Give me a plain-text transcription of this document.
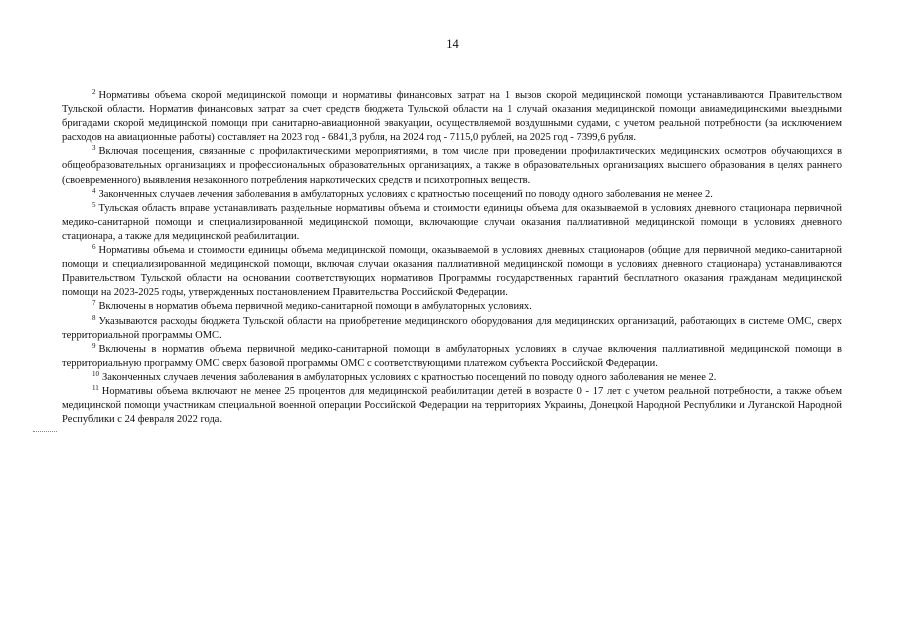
14

$^2$ Нормативы объема скорой медицинской помощи и нормативы финансовых затрат на 1 вызов скорой медицинской помощи устанавливаются Правительством Тульской области. Норматив финансовых затрат за счет средств бюджета Тульской области на 1 случай оказания медицинской помощи авиамедицинскими выездными бригадами скорой медицинской помощи при санитарно-авиационной эвакуации, осуществляемой воздушными судами, с учетом реальной потребности (за исключением расходов на авиационные работы) составляет на 2023 год - 6841,3 рубля, на 2024 год - 7115,0 рублей, на 2025 год - 7399,6 рубля.

$^3$ Включая посещения, связанные с профилактическими мероприятиями, в том числе при проведении профилактических медицинских осмотров обучающихся в общеобразовательных организациях и профессиональных образовательных организациях, а также в образовательных организациях высшего образования в целях раннего (своевременного) выявления незаконного потребления наркотических средств и психотропных веществ.

$^4$ Законченных случаев лечения заболевания в амбулаторных условиях с кратностью посещений по поводу одного заболевания не менее 2.

$^5$ Тульская область вправе устанавливать раздельные нормативы объема и стоимости единицы объема для оказываемой в условиях дневного стационара первичной медико-санитарной помощи и специализированной медицинской помощи, включающие случаи оказания паллиативной медицинской помощи в условиях дневного стационара, а также для медицинской реабилитации.

$^6$ Нормативы объема и стоимости единицы объема медицинской помощи, оказываемой в условиях дневных стационаров (общие для первичной медико-санитарной помощи и специализированной медицинской помощи, включая случаи оказания паллиативной медицинской помощи в условиях дневного стационара) устанавливаются Правительством Тульской области на основании соответствующих нормативов Программы государственных гарантий бесплатного оказания гражданам медицинской помощи на 2023-2025 годы, утвержденных постановлением Правительства Российской Федерации.

$^7$ Включены в норматив объема первичной медико-санитарной помощи в амбулаторных условиях.

$^8$ Указываются расходы бюджета Тульской области на приобретение медицинского оборудования для медицинских организаций, работающих в системе ОМС, сверх территориальной программы ОМС.

$^9$ Включены в норматив объема первичной медико-санитарной помощи в амбулаторных условиях в случае включения паллиативной медицинской помощи в территориальную программу ОМС сверх базовой программы ОМС с соответствующими платежом субъекта Российской Федерации.

$^{10}$ Законченных случаев лечения заболевания в амбулаторных условиях с кратностью посещений по поводу одного заболевания не менее 2.

$^{11}$ Нормативы объема включают не менее 25 процентов для медицинской реабилитации детей в возрасте 0 - 17 лет с учетом реальной потребности, а также объем медицинской помощи участникам специальной военной операции Российской Федерации на территориях Украины, Донецкой Народной Республики и Луганской Народной Республики с 24 февраля 2022 года.
